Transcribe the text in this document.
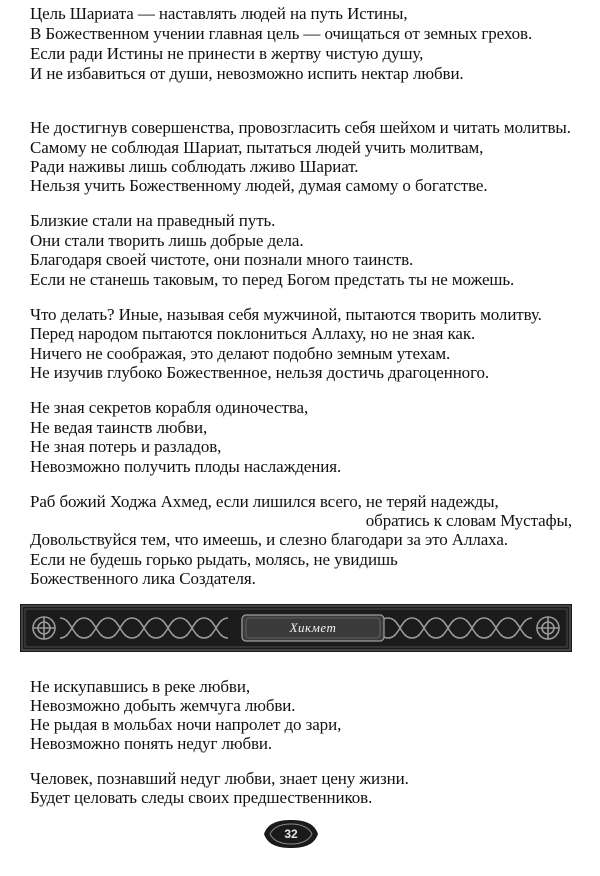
Цель Шариата — наставлять людей на путь Истины,
В Божественном учении главная цель — очищаться от земных грехов.
Если ради Истины не принести в жертву чистую душу,
И не избавиться от души, невозможно испить нектар любви.
Не достигнув совершенства, провозгласить себя шейхом и читать молитвы.
Самому не соблюдая Шариат, пытаться людей учить молитвам,
Ради наживы лишь соблюдать лживо Шариат.
Нельзя учить Божественному людей, думая самому о богатстве.
Близкие стали на праведный путь.
Они стали творить лишь добрые дела.
Благодаря своей чистоте, они познали много таинств.
Если не станешь таковым, то перед Богом предстать ты не можешь.
Что делать? Иные, называя себя мужчиной, пытаются творить молитву.
Перед народом пытаются поклониться Аллаху, но не зная как.
Ничего не соображая, это делают подобно земным утехам.
Не изучив глубоко Божественное, нельзя достичь драгоценного.
Не зная секретов корабля одиночества,
Не ведая таинств любви,
Не зная потерь и разладов,
Невозможно получить плоды наслаждения.
Раб божий Ходжа Ахмед, если лишился всего, не теряй надежды,
обратись к словам Мустафы,
Довольствуйся тем, что имеешь, и слезно благодари за это Аллаха.
Если не будешь горько рыдать, молясь, не увидишь
Божественного лика Создателя.
Хикмет
Не искупавшись в реке любви,
Невозможно добыть жемчуга любви.
Не рыдая в мольбах ночи напролет до зари,
Невозможно понять недуг любви.
Человек, познавший недуг любви, знает цену жизни.
Будет целовать следы своих предшественников.
32
